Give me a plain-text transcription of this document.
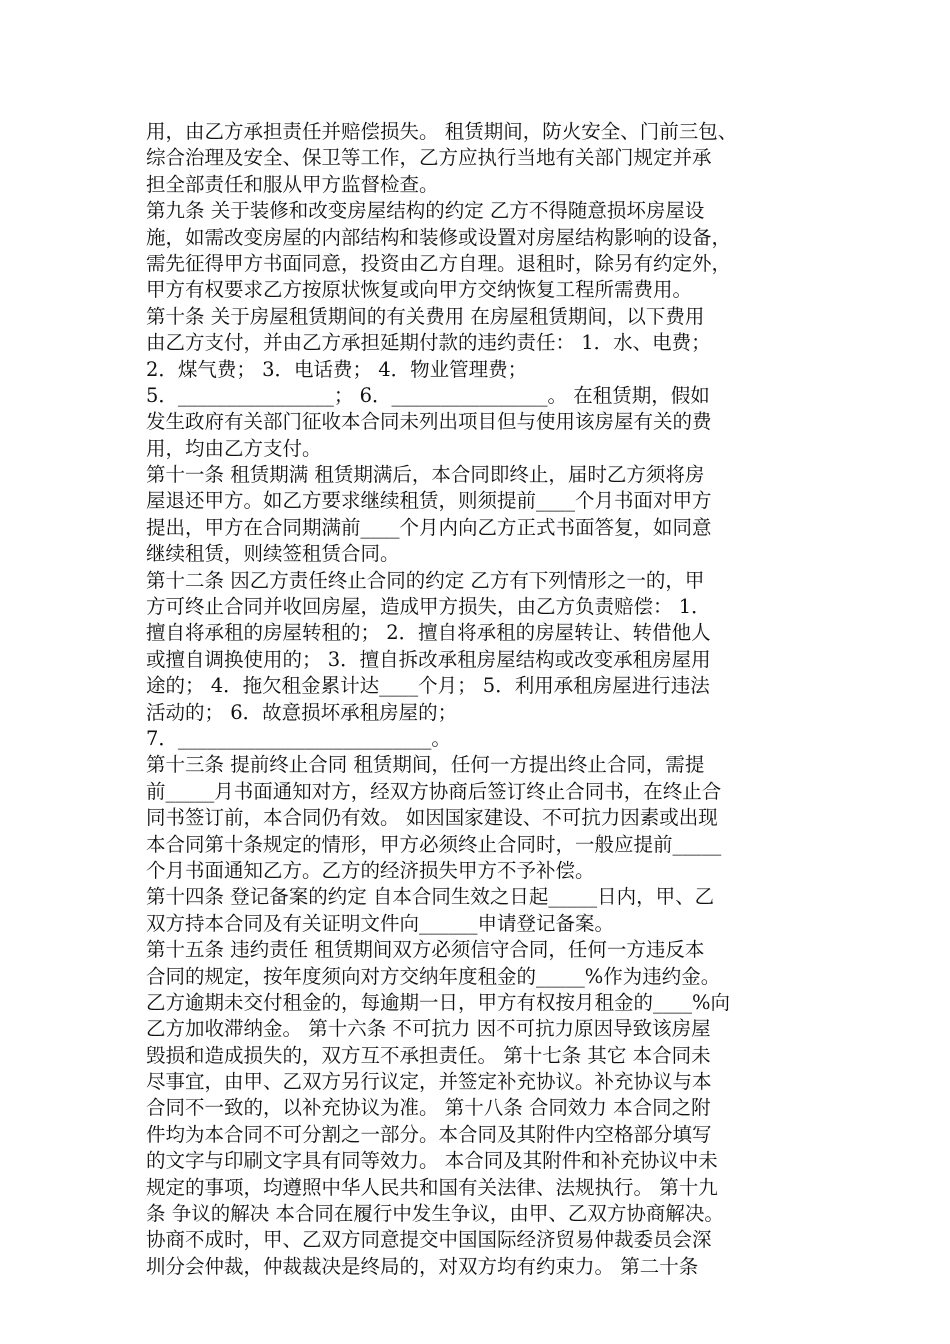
用，由乙方承担责任并赔偿损失。 租赁期间，防火安全、门前三包、
综合治理及安全、保卫等工作，乙方应执行当地有关部门规定并承
担全部责任和服从甲方监督检查。
第九条 关于装修和改变房屋结构的约定 乙方不得随意损坏房屋设
施，如需改变房屋的内部结构和装修或设置对房屋结构影响的设备，
需先征得甲方书面同意，投资由乙方自理。退租时，除另有约定外，
甲方有权要求乙方按原状恢复或向甲方交纳恢复工程所需费用。
第十条 关于房屋租赁期间的有关费用 在房屋租赁期间，以下费用
由乙方支付，并由乙方承担延期付款的违约责任： 1．水、电费；
2．煤气费； 3．电话费； 4．物业管理费；
5．________________； 6．________________。 在租赁期，假如
发生政府有关部门征收本合同未列出项目但与使用该房屋有关的费
用，均由乙方支付。
第十一条 租赁期满 租赁期满后，本合同即终止，届时乙方须将房
屋退还甲方。如乙方要求继续租赁，则须提前____个月书面对甲方
提出，甲方在合同期满前____个月内向乙方正式书面答复，如同意
继续租赁，则续签租赁合同。
第十二条 因乙方责任终止合同的约定 乙方有下列情形之一的，甲
方可终止合同并收回房屋，造成甲方损失，由乙方负责赔偿： 1．
擅自将承租的房屋转租的； 2．擅自将承租的房屋转让、转借他人
或擅自调换使用的； 3．擅自拆改承租房屋结构或改变承租房屋用
途的； 4．拖欠租金累计达____个月； 5．利用承租房屋进行违法
活动的； 6．故意损坏承租房屋的；
7．__________________________。
第十三条 提前终止合同 租赁期间，任何一方提出终止合同，需提
前_____月书面通知对方，经双方协商后签订终止合同书，在终止合
同书签订前，本合同仍有效。 如因国家建设、不可抗力因素或出现
本合同第十条规定的情形，甲方必须终止合同时，一般应提前_____
个月书面通知乙方。乙方的经济损失甲方不予补偿。
第十四条 登记备案的约定 自本合同生效之日起_____日内，甲、乙
双方持本合同及有关证明文件向______申请登记备案。
第十五条 违约责任 租赁期间双方必须信守合同，任何一方违反本
合同的规定，按年度须向对方交纳年度租金的_____%作为违约金。
乙方逾期未交付租金的，每逾期一日，甲方有权按月租金的____%向
乙方加收滞纳金。 第十六条 不可抗力 因不可抗力原因导致该房屋
毁损和造成损失的，双方互不承担责任。 第十七条 其它 本合同未
尽事宜，由甲、乙双方另行议定，并签定补充协议。补充协议与本
合同不一致的，以补充协议为准。 第十八条 合同效力 本合同之附
件均为本合同不可分割之一部分。本合同及其附件内空格部分填写
的文字与印刷文字具有同等效力。 本合同及其附件和补充协议中未
规定的事项，均遵照中华人民共和国有关法律、法规执行。 第十九
条 争议的解决 本合同在履行中发生争议，由甲、乙双方协商解决。
协商不成时，甲、乙双方同意提交中国国际经济贸易仲裁委员会深
圳分会仲裁，仲裁裁决是终局的，对双方均有约束力。 第二十条
